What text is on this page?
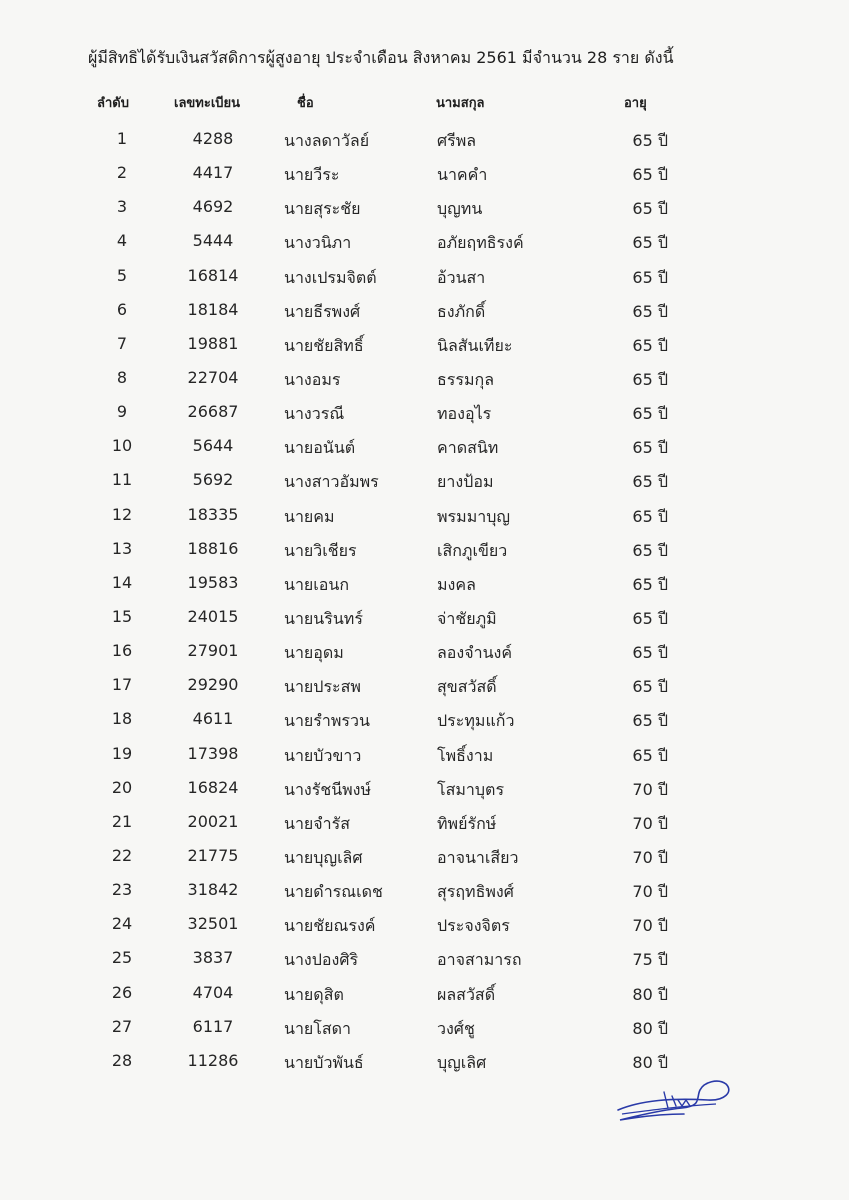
ผู้มีสิทธิได้รับเงินสวัสดิการผู้สูงอายุ ประจำเดือน สิงหาคม 2561 มีจำนวน 28 ราย ดังนี้
ลำดับ	เลขทะเบียน	ชื่อ	นามสกุล	อายุ
1	4288	นางลดาวัลย์	ศรีพล	65 ปี
2	4417	นายวีระ	นาคคำ	65 ปี
3	4692	นายสุระชัย	บุญทน	65 ปี
4	5444	นางวนิภา	อภัยฤทธิรงค์	65 ปี
5	16814	นางเปรมจิตต์	อ้วนสา	65 ปี
6	18184	นายธีรพงศ์	ธงภักดิ์	65 ปี
7	19881	นายชัยสิทธิ์	นิลสันเทียะ	65 ปี
8	22704	นางอมร	ธรรมกุล	65 ปี
9	26687	นางวรณี	ทองอุไร	65 ปี
10	5644	นายอนันต์	คาดสนิท	65 ปี
11	5692	นางสาวอัมพร	ยางป้อม	65 ปี
12	18335	นายคม	พรมมาบุญ	65 ปี
13	18816	นายวิเชียร	เสิกภูเขียว	65 ปี
14	19583	นายเอนก	มงคล	65 ปี
15	24015	นายนรินทร์	จ่าชัยภูมิ	65 ปี
16	27901	นายอุดม	ลองจำนงค์	65 ปี
17	29290	นายประสพ	สุขสวัสดิ์	65 ปี
18	4611	นายรำพรวน	ประทุมแก้ว	65 ปี
19	17398	นายบัวขาว	โพธิ์งาม	65 ปี
20	16824	นางรัชนีพงษ์	โสมาบุตร	70 ปี
21	20021	นายจำรัส	ทิพย์รักษ์	70 ปี
22	21775	นายบุญเลิศ	อาจนาเสียว	70 ปี
23	31842	นายดำรณเดช	สุรฤทธิพงศ์	70 ปี
24	32501	นายชัยณรงค์	ประจงจิตร	70 ปี
25	3837	นางปองศิริ	อาจสามารถ	75 ปี
26	4704	นายดุสิต	ผลสวัสดิ์	80 ปี
27	6117	นายโสดา	วงศ์ชู	80 ปี
28	11286	นายบัวพันธ์	บุญเลิศ	80 ปี
